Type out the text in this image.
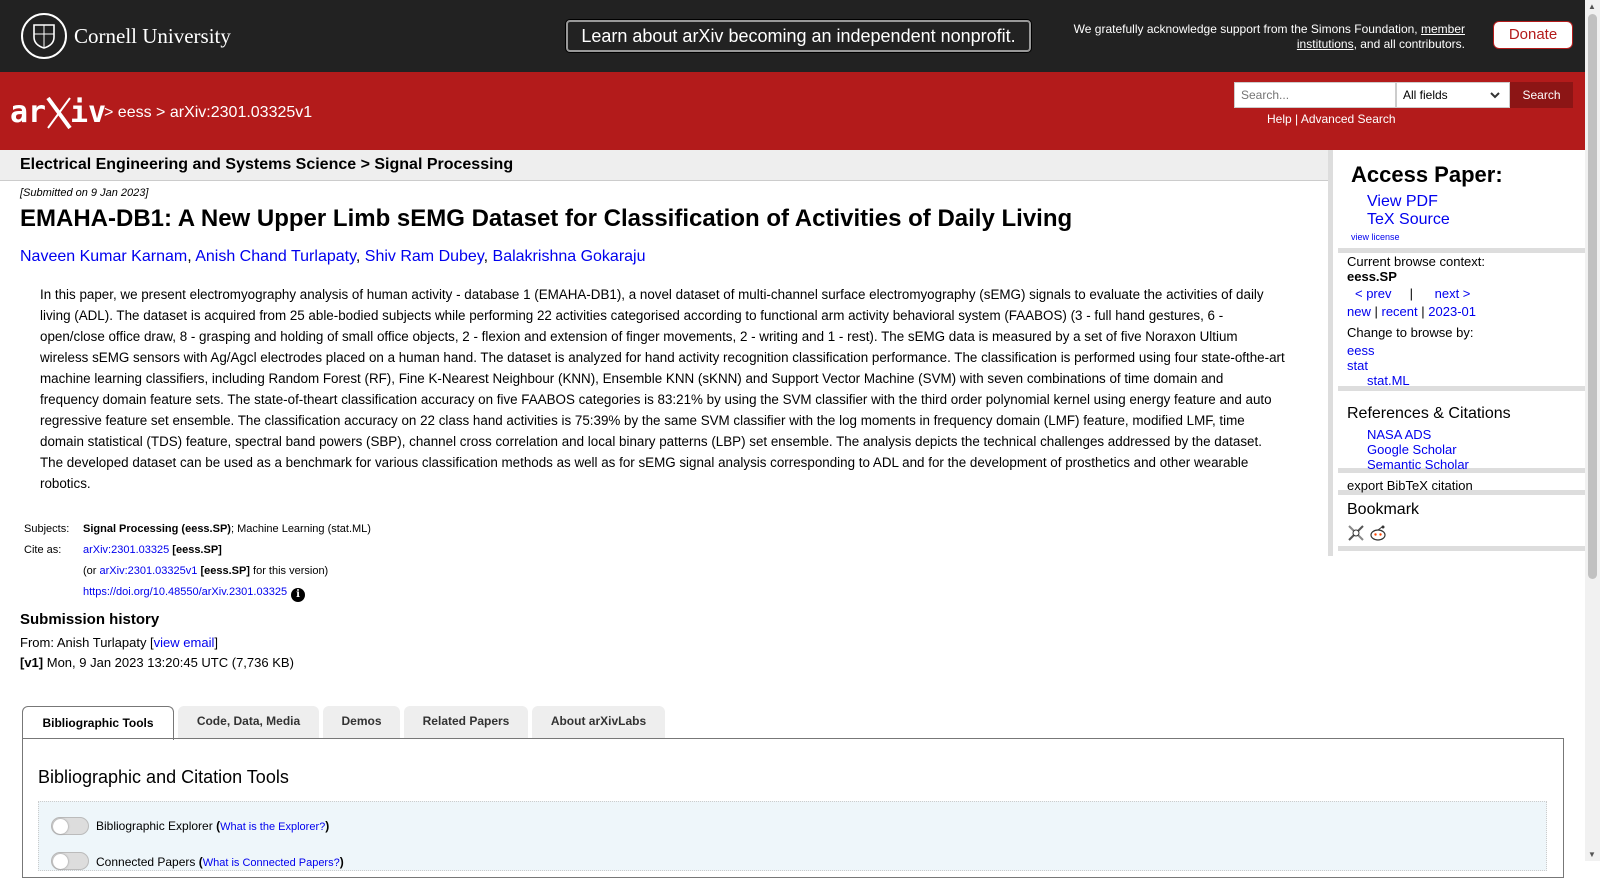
Cornell University	Learn about arXiv becoming an independent nonprofit.	We gratefully acknowledge support from the Simons Foundation, member institutions, and all contributors.
Donate
ar iv
> eess > arXiv:2301.03325v1
Search...	All fields	Search
Help | Advanced Search
Electrical Engineering and Systems Science > Signal Processing
[Submitted on 9 Jan 2023]
EMAHA-DB1: A New Upper Limb sEMG Dataset for Classification of Activities of Daily Living
Naveen Kumar Karnam, Anish Chand Turlapaty, Shiv Ram Dubey, Balakrishna Gokaraju
In this paper, we present electromyography analysis of human activity - database 1 (EMAHA-DB1), a novel dataset of multi-channel surface electromyography (sEMG) signals to evaluate the activities of daily living (ADL). The dataset is acquired from 25 able-bodied subjects while performing 22 activities categorised according to functional arm activity behavioral system (FAABOS) (3 - full hand gestures, 6 - open/close office draw, 8 - grasping and holding of small office objects, 2 - flexion and extension of finger movements, 2 - writing and 1 - rest). The sEMG data is measured by a set of five Noraxon Ultium wireless sEMG sensors with Ag/Agcl electrodes placed on a human hand. The dataset is analyzed for hand activity recognition classification performance. The classification is performed using four state-ofthe-art machine learning classifiers, including Random Forest (RF), Fine K-Nearest Neighbour (KNN), Ensemble KNN (sKNN) and Support Vector Machine (SVM) with seven combinations of time domain and frequency domain feature sets. The state-of-theart classification accuracy on five FAABOS categories is 83:21% by using the SVM classifier with the third order polynomial kernel using energy feature and auto regressive feature set ensemble. The classification accuracy on 22 class hand activities is 75:39% by the same SVM classifier with the log moments in frequency domain (LMF) feature, modified LMF, time domain statistical (TDS) feature, spectral band powers (SBP), channel cross correlation and local binary patterns (LBP) set ensemble. The analysis depicts the technical challenges addressed by the dataset. The developed dataset can be used as a benchmark for various classification methods as well as for sEMG signal analysis corresponding to ADL and for the development of prosthetics and other wearable robotics.
Subjects:	Signal Processing (eess.SP); Machine Learning (stat.ML)
Cite as:	arXiv:2301.03325 [eess.SP]
	(or arXiv:2301.03325v1 [eess.SP] for this version)
	https://doi.org/10.48550/arXiv.2301.03325 i
Submission history
From: Anish Turlapaty [view email]
[v1] Mon, 9 Jan 2023 13:20:45 UTC (7,736 KB)
Bibliographic Tools	Code, Data, Media	Demos	Related Papers	About arXivLabs
Bibliographic and Citation Tools
Bibliographic Explorer (What is the Explorer?)
Connected Papers (What is Connected Papers?)
Access Paper:
View PDF
TeX Source
view license
Current browse context:
eess.SP
< prev | next >
new | recent | 2023-01
Change to browse by:
eess
stat
stat.ML
References & Citations
NASA ADS
Google Scholar
Semantic Scholar
export BibTeX citation
Bookmark

▲
▼
